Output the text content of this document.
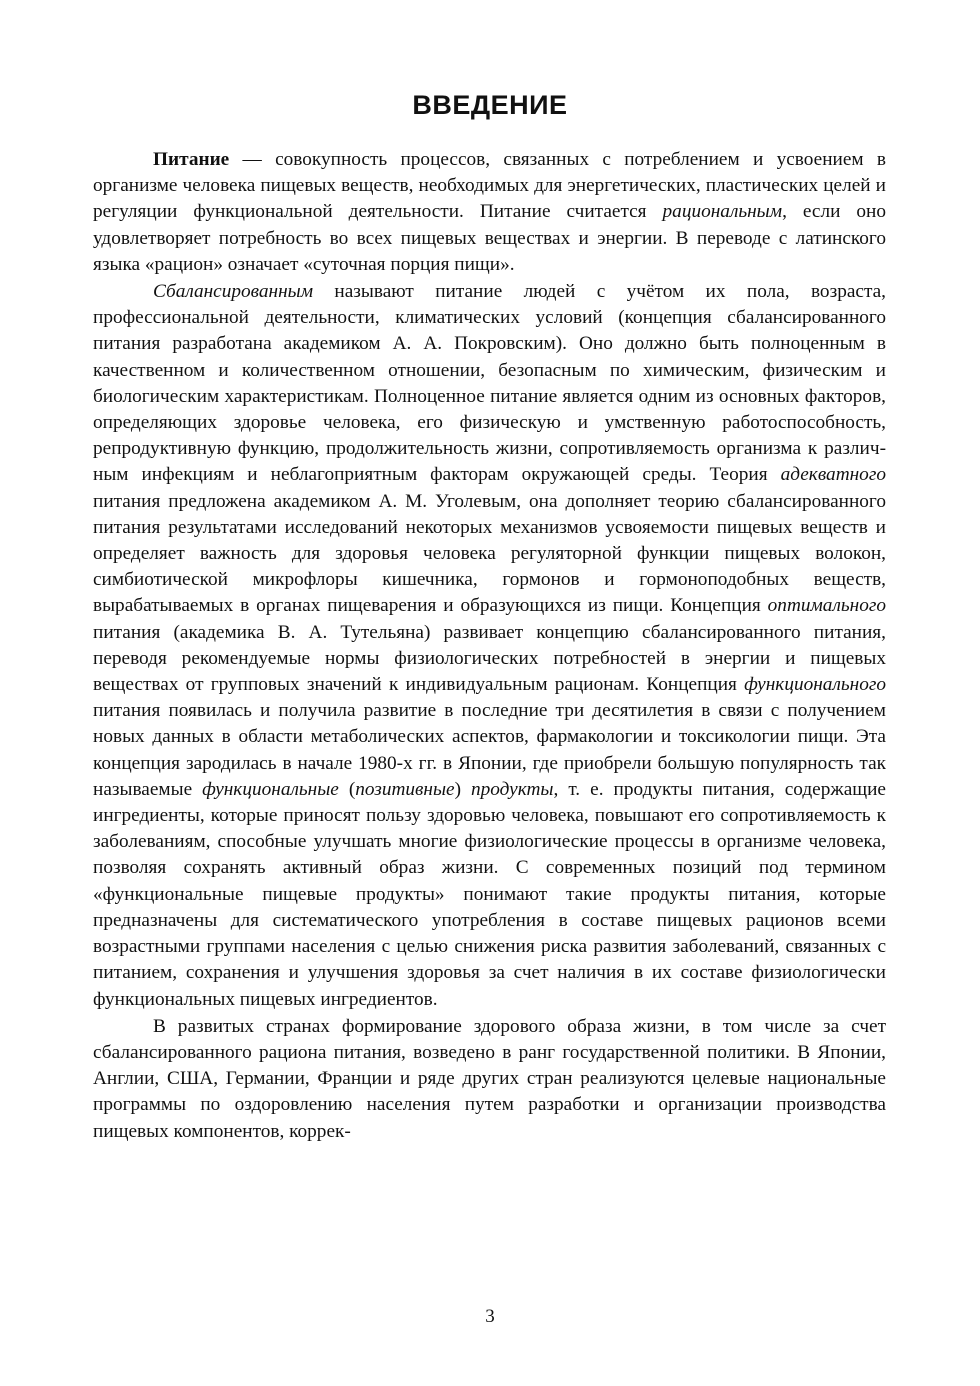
ВВЕДЕНИЕ

Питание — совокупность процессов, связанных с потреблением и усвоением в организме человека пищевых веществ, необходимых для энергетических, пластических целей и регуляции функциональной деятельности. Питание считается рациональным, если оно удовлетворяет потребность во всех пищевых веществах и энергии. В переводе с латинского языка «рацион» означает «суточная порция пищи».

Сбалансированным называют питание людей с учётом их пола, возраста, профессиональной деятельности, климатических условий (концепция сбалансированного питания разработана академиком А. А. Покровским). Оно должно быть полноценным в качественном и количественном отношении, безопасным по химическим, физическим и биологическим характеристикам. Полноценное питание является одним из основных факторов, определяющих здоровье человека, его физическую и умственную работоспособность, репродуктивную функцию, продолжительность жизни, сопротивляемость организма к различным инфекциям и неблагоприятным факторам окружающей среды. Теория адекватного питания предложена академиком А. М. Уголевым, она дополняет теорию сбалансированного питания результатами исследований некоторых механизмов усвояемости пищевых веществ и определяет важность для здоровья человека регуляторной функции пищевых волокон, симбиотической микрофлоры кишечника, гормонов и гормоноподобных веществ, вырабатываемых в органах пищеварения и образующихся из пищи. Концепция оптимального питания (академика В. А. Тутельяна) развивает концепцию сбалансированного питания, переводя рекомендуемые нормы физиологических потребностей в энергии и пищевых веществах от групповых значений к индивидуальным рационам. Концепция функционального питания появилась и получила развитие в последние три десятилетия в связи с получением новых данных в области метаболических аспектов, фармакологии и токсикологии пищи. Эта концепция зародилась в начале 1980-х гг. в Японии, где приобрели большую популярность так называемые функциональные (позитивные) продукты, т. е. продукты питания, содержащие ингредиенты, которые приносят пользу здоровью человека, повышают его сопротивляемость к заболеваниям, способные улучшать многие физиологические процессы в организме человека, позволяя сохранять активный образ жизни. С современных позиций под термином «функциональные пищевые продукты» понимают такие продукты питания, которые предназначены для систематического употребления в составе пищевых рационов всеми возрастными группами населения с целью снижения риска развития заболеваний, связанных с питанием, сохранения и улучшения здоровья за счет наличия в их составе физиологически функциональных пищевых ингредиентов.

В развитых странах формирование здорового образа жизни, в том числе за счет сбалансированного рациона питания, возведено в ранг государственной политики. В Японии, Англии, США, Германии, Франции и ряде других стран реализуются целевые национальные программы по оздоровлению населения путем разработки и организации производства пищевых компонентов, коррек-

3
